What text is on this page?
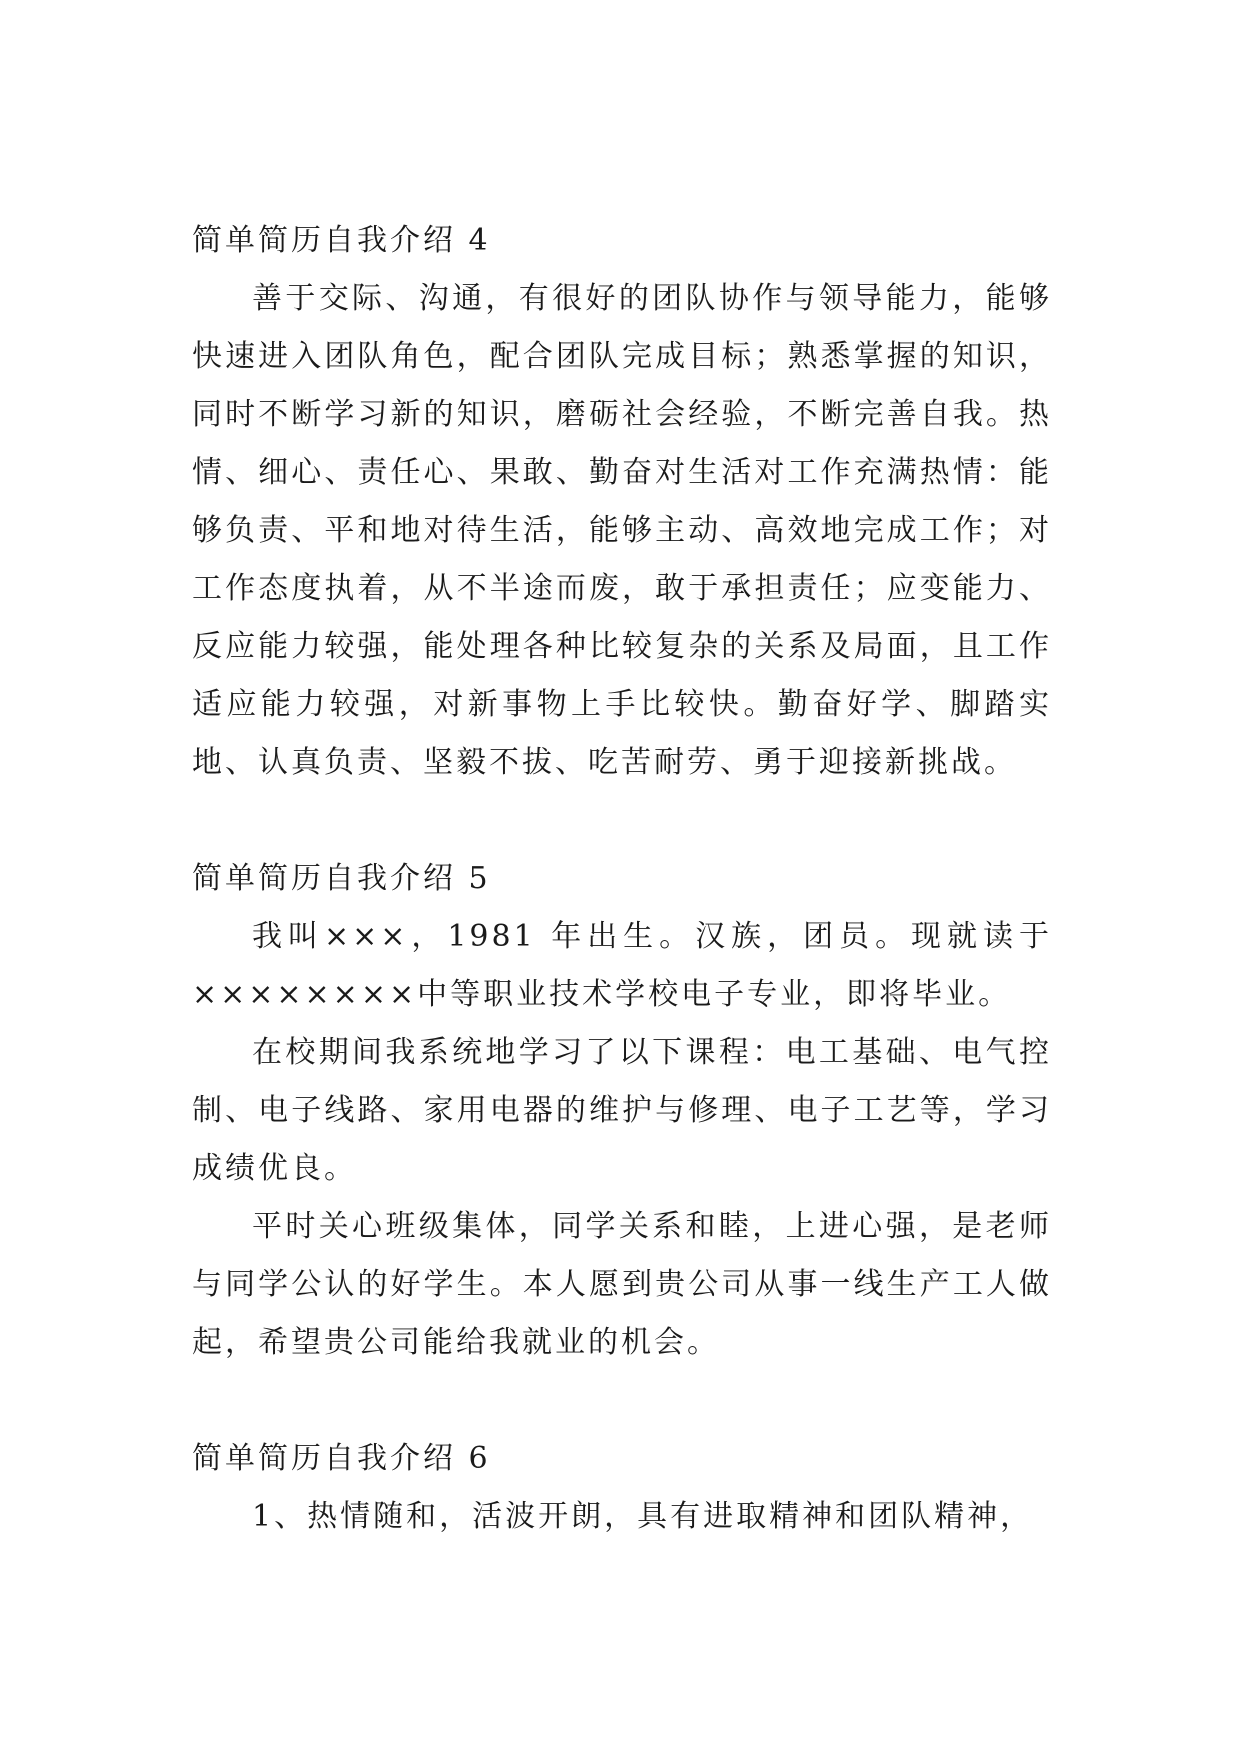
简单简历自我介绍 4

善于交际、沟通，有很好的团队协作与领导能力，能够快速进入团队角色，配合团队完成目标；熟悉掌握的知识，同时不断学习新的知识，磨砺社会经验，不断完善自我。热情、细心、责任心、果敢、勤奋对生活对工作充满热情：能够负责、平和地对待生活，能够主动、高效地完成工作；对工作态度执着，从不半途而废，敢于承担责任；应变能力、反应能力较强，能处理各种比较复杂的关系及局面，且工作适应能力较强，对新事物上手比较快。勤奋好学、脚踏实地、认真负责、坚毅不拔、吃苦耐劳、勇于迎接新挑战。

简单简历自我介绍 5

我叫×××，1981 年出生。汉族，团员。现就读于××××××××中等职业技术学校电子专业，即将毕业。

在校期间我系统地学习了以下课程：电工基础、电气控制、电子线路、家用电器的维护与修理、电子工艺等，学习成绩优良。

平时关心班级集体，同学关系和睦，上进心强，是老师与同学公认的好学生。本人愿到贵公司从事一线生产工人做起，希望贵公司能给我就业的机会。

简单简历自我介绍 6

1、热情随和，活波开朗，具有进取精神和团队精神，
